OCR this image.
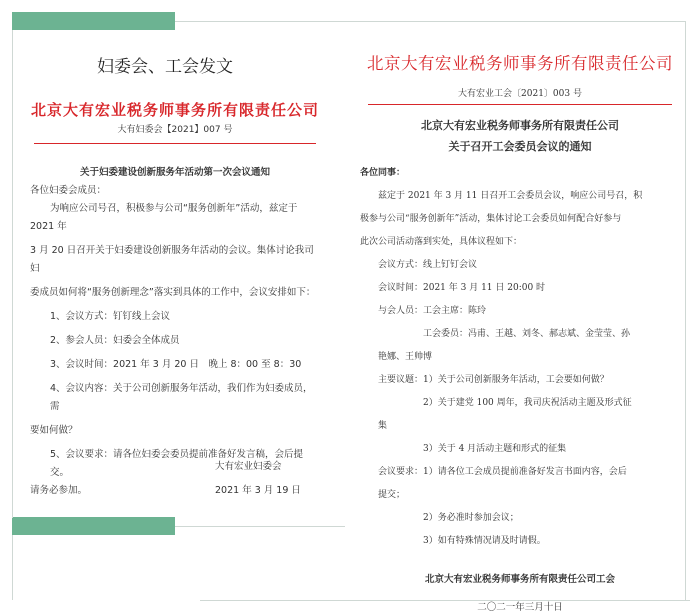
妇委会、工会发文
北京大有宏业税务师事务所有限责任公司
大有妇委会【2021】007 号
关于妇委建设创新服务年活动第一次会议通知

各位妇委会成员：

为响应公司号召，积极参与公司“服务创新年”活动，兹定于 2021 年

3 月 20 日召开关于妇委建设创新服务年活动的会议。集体讨论我司妇

委成员如何将“服务创新理念”落实到具体的工作中，会议安排如下：

1、会议方式：钉钉线上会议

2、参会人员：妇委会全体成员

3、会议时间：2021 年 3 月 20 日　晚上 8：00 至 8：30

4、会议内容：关于公司创新服务年活动，我们作为妇委成员，需

要如何做？

5、会议要求：请各位妇委会委员提前准备好发言稿，会后提交。

请务必参加。

大有宏业妇委会
2021 年 3 月 19 日
北京大有宏业税务师事务所有限责任公司
大有宏业工会〔2021〕003 号
北京大有宏业税务师事务所有限责任公司
关于召开工会委员会议的通知

各位同事：

　　兹定于 2021 年 3 月 11 日召开工会委员会议，响应公司号召，积

极参与公司“服务创新年”活动，集体讨论工会委员如何配合好参与

此次公司活动落到实处，具体议程如下：

　　会议方式：线上钉钉会议

　　会议时间：2021 年 3 月 11 日 20:00 时

　　与会人员：工会主席：陈玲

　　　　　　　工会委员：冯甫、王越、刘冬、郝志斌、金莹莹、孙

　　艳娜、王帅博

　　主要议题：1）关于公司创新服务年活动，工会要如何做？

　　　　　　　2）关于建党 100 周年，我司庆祝活动主题及形式征

　　集

　　　　　　　3）关于 4 月活动主题和形式的征集

　　会议要求：1）请各位工会成员提前准备好发言书面内容，会后

　　提交；

　　　　　　　2）务必准时参加会议；

　　　　　　　3）如有特殊情况请及时请假。

北京大有宏业税务师事务所有限责任公司工会
二〇二一年三月十日
